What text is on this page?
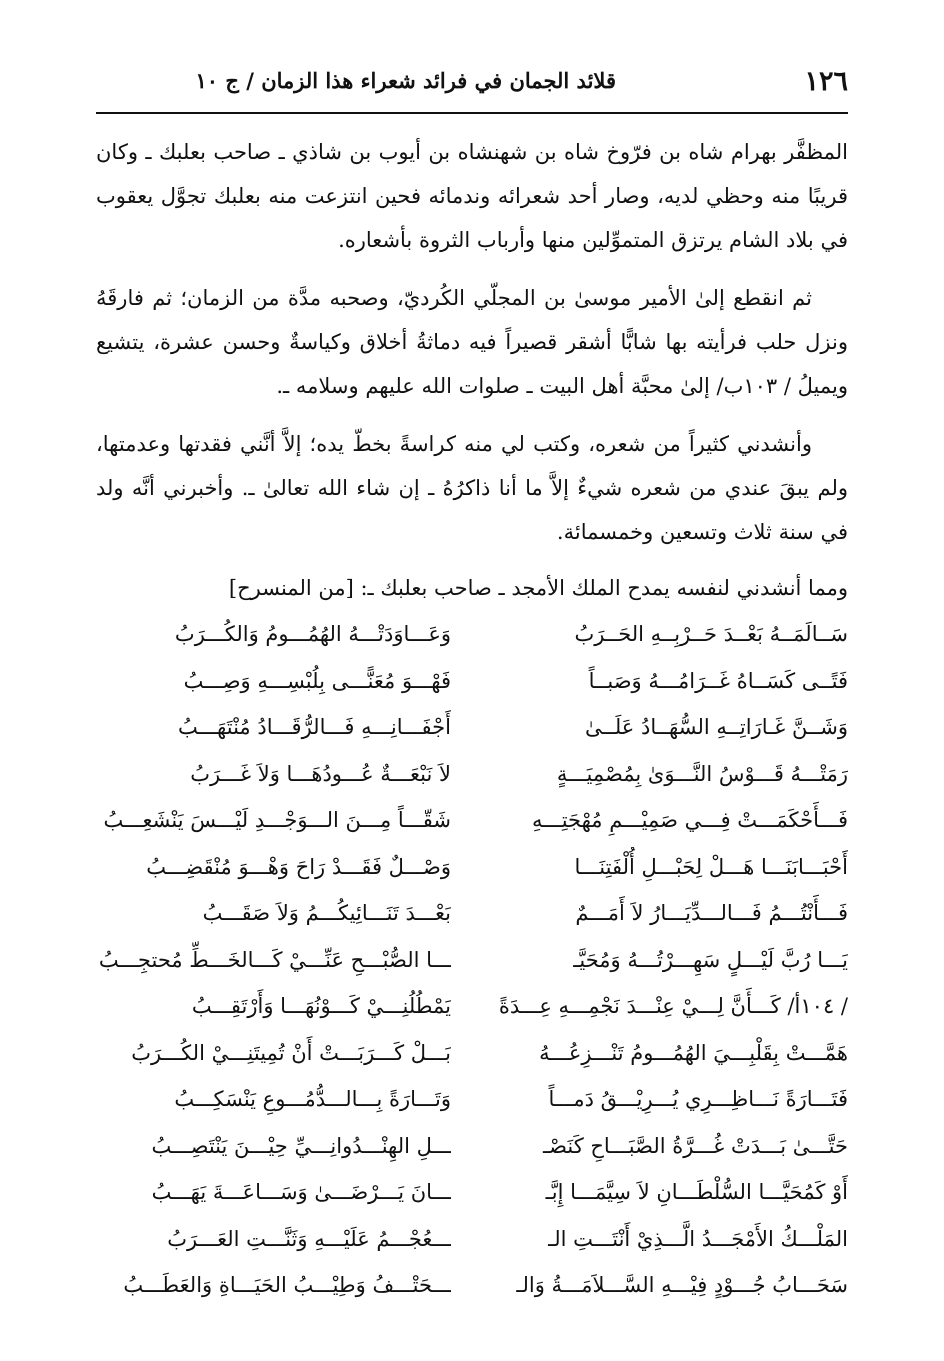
١٢٦
قلائد الجمان في فرائد شعراء هذا الزمان / ج ١٠

المظفَّر بهرام شاه بن فرّوخ شاه بن شهنشاه بن أيوب بن شاذي ـ صاحب بعلبك ـ وكان قريبًا منه وحظي لديه، وصار أحد شعرائه وندمائه فحين انتزعت منه بعلبك تجوَّل يعقوب في بلاد الشام يرتزق المتموِّلين منها وأرباب الثروة بأشعاره.

ثم انقطع إلىٰ الأمير موسىٰ بن المجلّي الكُرديّ، وصحبه مدَّة من الزمان؛ ثم فارقَهُ ونزل حلب فرأيته بها شابًّا أشقر قصيراً فيه دماثةُ أخلاق وكياسةٌ وحسن عشرة، يتشيع ويميلُ / ١٠٣ب/ إلىٰ محبَّة أهل البيت ـ صلوات الله عليهم وسلامه ـ.

وأنشدني كثيراً من شعره، وكتب لي منه كراسةً بخطّ يده؛ إلاَّ أنَّني فقدتها وعدمتها، ولم يبقَ عندي من شعره شيءٌ إلاَّ ما أنا ذاكرُهُ ـ إن شاء الله تعالىٰ ـ. وأخبرني أنَّه ولد في سنة ثلاث وتسعين وخمسمائة.

ومما أنشدني لنفسه يمدح الملك الأمجد ـ صاحب بعلبك ـ: [من المنسرح]
سَــالَمَــهُ بَعْــدَ حَــرْبِــهِ الحَــرَبُ
وَعَـــاوَدَتْـــهُ الهُمُـــومُ وَالكُـــرَبُ
فَتًــى كَسَــاهُ غَــرَامُـــهُ وَصَبــاً
فَهْـــوَ مُعَنًّـــى بِلُبْسِـــهِ وَصِـــبُ
وَشَــنَّ غَـارَاتِــهِ السُّهَــادُ عَلَــىٰ
أَجْفَـــانِـــهِ فَـــالرُّقَـــادُ مُنْتَهَـــبُ
رَمَتْـــهُ قَـــوْسُ النَّـــوَىٰ بِمُصْمِيَـــةٍ
لاَ نَبْعَـــةٌ عُـــودُهَـــا وَلاَ غَـــرَبُ
فَـــأَحْكَمَـــتْ فِـــي صَمِيْـــمِ مُهْجَتِـــهِ
شَقّـــاً مِـــنَ الـــوَجْـــدِ لَيْـــسَ يَنْشَعِـــبُ
أَحْبَـــابَنَـــا هَـــلْ لِحَبْـــلِ أُلْفَتِنَـــا
وَصْـــلٌ فَقَـــدْ رَاحَ وَهْـــوَ مُنْقَضِـــبُ
فَـــأَنْتُـــمُ فَـــالـــدِّيَـــارُ لاَ أَمَـــمٌ
بَعْـــدَ تَنَـــائِيكُـــمُ وَلاَ صَقَـــبُ
يَـــا رُبَّ لَيْـــلٍ سَهِـــرْتُـــهُ وَمُحَيَّـ
ـــا الصُّبْـــحِ عَنِّـــيْ كَـــالخَـــطِّ مُحتجِـــبُ
/ ١٠٤أ/ كَـــأَنَّ لِـــيْ عِنْـــدَ نَجْمِـــهِ عِـــدَةً
يَمْطُلُنِـــيْ كَـــوْنُهَـــا وَأَرْتَقِـــبُ
هَمَّـــتْ بِقَلْبِـــيَ الهُمُـــومُ تَنْـــزِعُـــهُ
بَـــلْ كَـــرَبَـــتْ أَنْ تُمِيتَنِـــيْ الكُـــرَبُ
فَتَـــارَةً نَـــاظِـــرِي يُـــرِيْـــقُ دَمـــاً
وَتَـــارَةً بِـــالـــدُّمُـــوعِ يَنْسَكِـــبُ
حَتَّـــىٰ بَـــدَتْ غُـــرَّةُ الصَّبَـــاحِ كَنَصْـ
ـــلِ الهِنْـــدُوانِـــيِّ حِيْـــنَ يَنْتَصِـــبُ
أَوْ كَمُحَيَّـــا السُّلْطَـــانِ لاَ سِيَّمَـــا إِبَّـ
ـــانَ يَـــرْضَـــىٰ وَسَـــاعَـــةَ يَهَـــبُ
المَلْـــكُ الأَمْجَـــدُ الَّـــذِيْ أَنْتَـــتِ الـ
ـــعُجْـــمُ عَلَيْـــهِ وَثَنَّـــتِ العَـــرَبُ
سَحَـــابُ جُـــوْدٍ فِيْـــهِ السَّـــلاَمَـــةُ وَالـ
ـــحَتْـــفُ وَطِيْـــبُ الحَيَـــاةِ وَالعَطَـــبُ
